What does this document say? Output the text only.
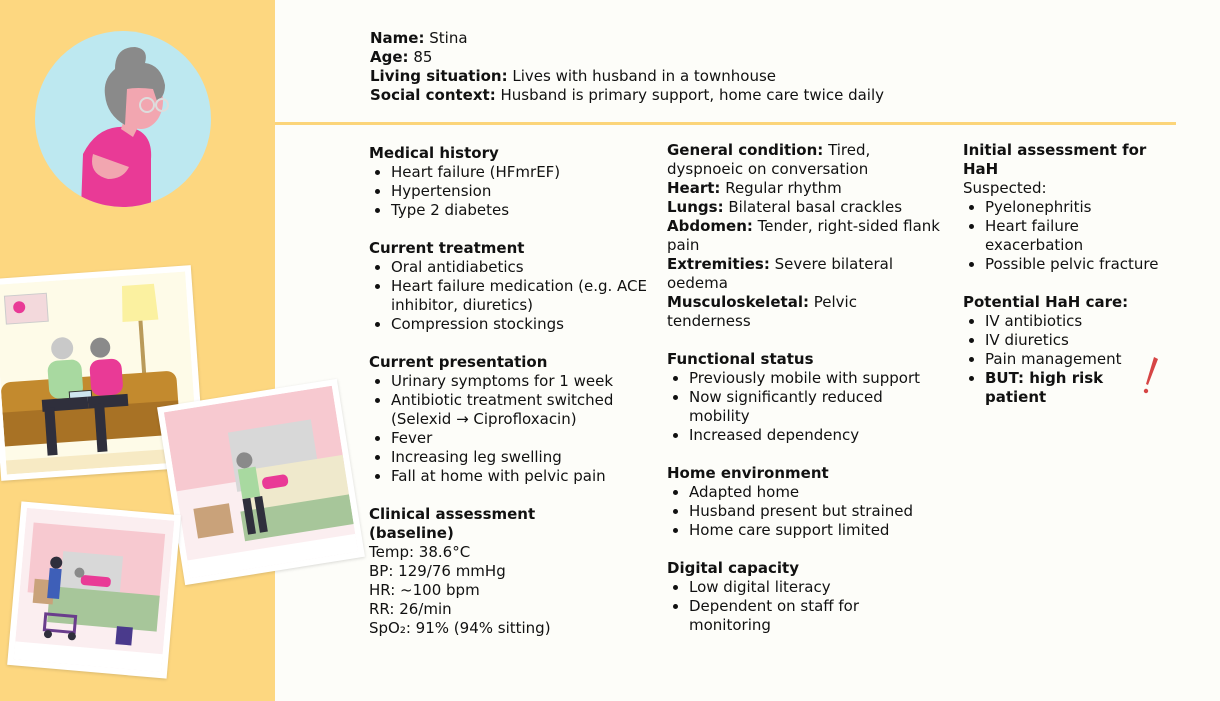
Name: Stina
Age: 85
Living situation: Lives with husband in a townhouse
Social context: Husband is primary support, home care twice daily
Medical history
• Heart failure (HFmrEF)
• Hypertension
• Type 2 diabetes
Current treatment
• Oral antidiabetics
• Heart failure medication (e.g. ACE inhibitor, diuretics)
• Compression stockings
Current presentation
• Urinary symptoms for 1 week
• Antibiotic treatment switched (Selexid → Ciprofloxacin)
• Fever
• Increasing leg swelling
• Fall at home with pelvic pain
Clinical assessment (baseline)
Temp: 38.6°C
BP: 129/76 mmHg
HR: ~100 bpm
RR: 26/min
SpO₂: 91% (94% sitting)
General condition: Tired, dyspnoeic on conversation
Heart: Regular rhythm
Lungs: Bilateral basal crackles
Abdomen: Tender, right-sided flank pain
Extremities: Severe bilateral oedema
Musculoskeletal: Pelvic tenderness
Functional status
• Previously mobile with support
• Now significantly reduced mobility
• Increased dependency
Home environment
• Adapted home
• Husband present but strained
• Home care support limited
Digital capacity
• Low digital literacy
• Dependent on staff for monitoring
Initial assessment for HaH
Suspected:
• Pyelonephritis
• Heart failure exacerbation
• Possible pelvic fracture
Potential HaH care:
• IV antibiotics
• IV diuretics
• Pain management
• BUT: high risk patient
